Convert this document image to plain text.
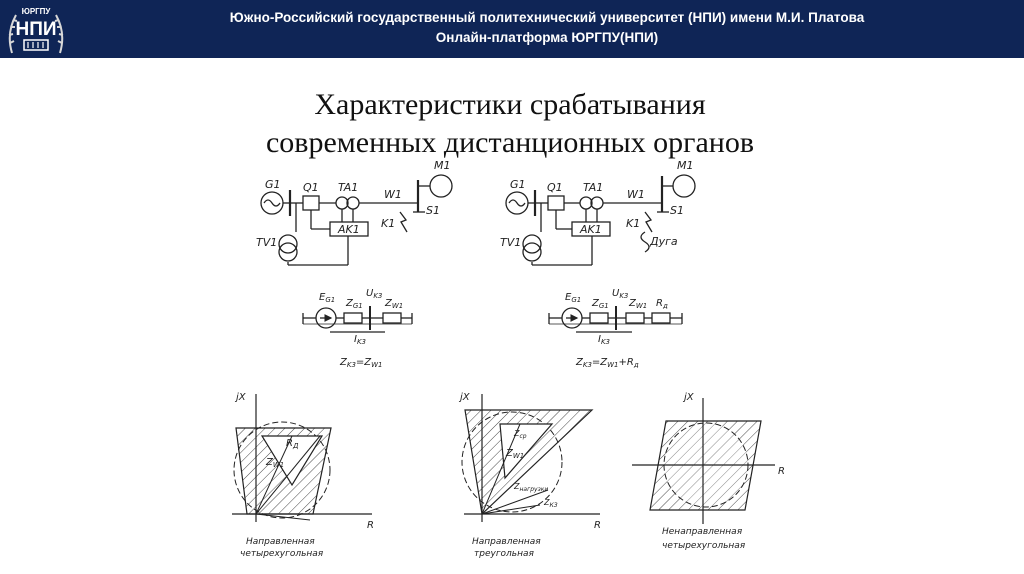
ЮРГПУ
НПИ
Южно-Российский государственный политехнический университет (НПИ) имени М.И. Платова
Онлайн-платформа ЮРГПУ(НПИ)
Характеристики срабатывания
современных дистанционных органов
G1 Q1 TA1
W1
M1
S1
AK1 K1
TV1
G1 Q1 TA1
W1
M1
S1
AK1 K1
TV1	Дуга
$E_{G1}$ $Z_{G1}$
$U_{K3}$
$Z_{W1}$
$I_{K3}$
$Z_{K3}=Z_{W1}$
$E_{G1}$ $Z_{G1}$
$U_{K3}$
$Z_{W1}$ $R_д$
$I_{K3}$
$Z_{K3}=Z_{W1}+R_д$
jX
R
$Z_{W1}$
$R_Д$
Направленная
четырехугольная
jX
R
$Z_{W1}$
$Z_{нагрузки}$
$Z_{КЗ}$
$Z_{ср}$
Направленная
треугольная
jX
R
Ненаправленная
четырехугольная
